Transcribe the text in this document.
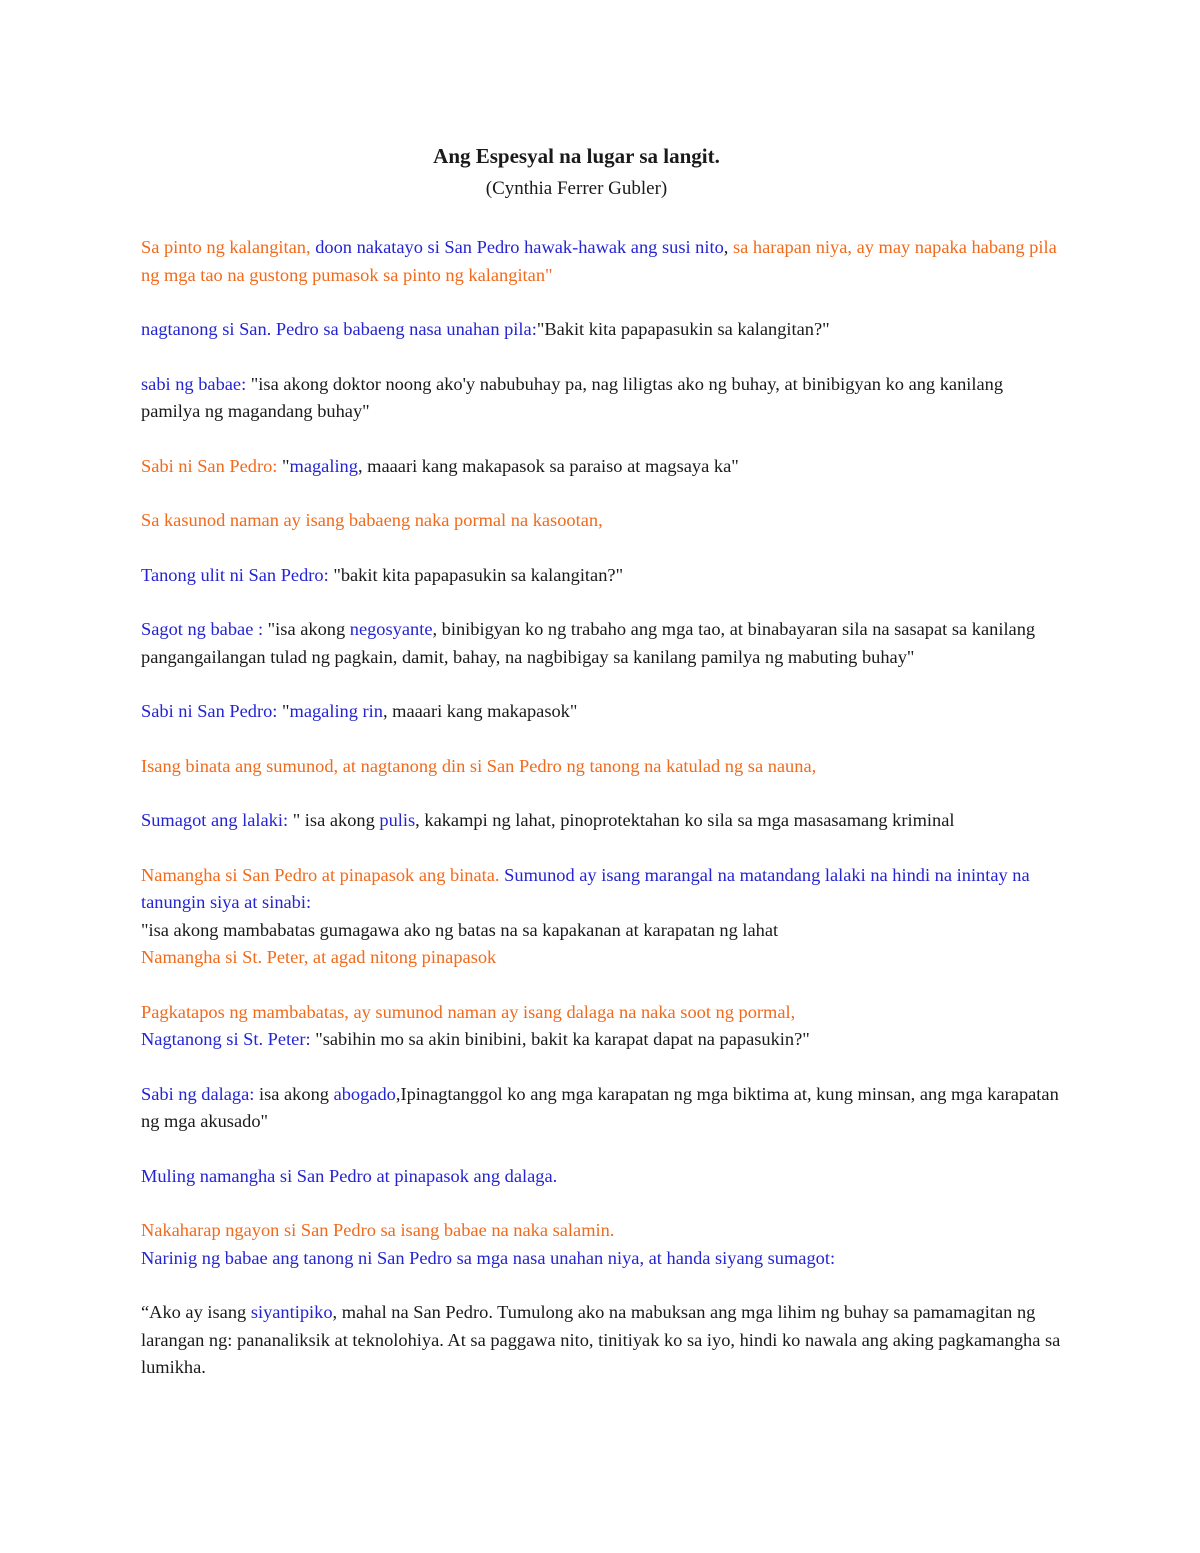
Ang Espesyal na lugar sa langit.
(Cynthia Ferrer Gubler)
Sa pinto ng kalangitan, doon nakatayo si San Pedro hawak-hawak ang susi nito, sa harapan niya, ay may napaka habang pila ng mga tao na gustong pumasok sa pinto ng kalangitan"
nagtanong si San. Pedro sa babaeng nasa unahan pila:"Bakit kita papapasukin sa kalangitan?"
sabi ng babae: "isa akong doktor noong ako'y nabubuhay pa, nag liligtas ako ng buhay, at binibigyan ko ang kanilang pamilya ng magandang buhay"
Sabi ni San Pedro: "magaling, maaari kang makapasok sa paraiso at magsaya ka"
Sa kasunod naman ay isang babaeng naka pormal na kasootan,
Tanong ulit ni San Pedro: "bakit kita papapasukin sa kalangitan?"
Sagot ng babae : "isa akong negosyante, binibigyan ko ng trabaho ang mga tao, at binabayaran sila na sasapat sa kanilang pangangailangan tulad ng pagkain, damit, bahay, na nagbibigay sa kanilang pamilya ng mabuting buhay"
Sabi ni San Pedro: "magaling rin, maaari kang makapasok"
Isang binata ang sumunod, at nagtanong din si San Pedro ng tanong na katulad ng sa nauna,
Sumagot ang lalaki: " isa akong pulis, kakampi ng lahat, pinoprotektahan ko sila sa mga masasamang kriminal
Namangha si San Pedro at pinapasok ang binata. Sumunod ay isang marangal na matandang lalaki na hindi na inintay na tanungin siya at sinabi:
"isa akong mambabatas gumagawa ako ng batas na sa kapakanan at karapatan ng lahat
Namangha si St. Peter, at agad nitong pinapasok
Pagkatapos ng mambabatas, ay sumunod naman ay isang dalaga na naka soot ng pormal,
Nagtanong si St. Peter: "sabihin mo sa akin binibini, bakit ka karapat dapat na papasukin?"
Sabi ng dalaga: isa akong abogado,Ipinagtanggol ko ang mga karapatan ng mga biktima at, kung minsan, ang mga karapatan ng mga akusado"
Muling namangha si San Pedro at pinapasok ang dalaga.
Nakaharap ngayon si San Pedro sa isang babae na naka salamin.
Narinig ng babae ang tanong ni San Pedro sa mga nasa unahan niya, at handa siyang sumagot:
“Ako ay isang siyantipiko, mahal na San Pedro. Tumulong ako na mabuksan ang mga lihim ng buhay sa pamamagitan ng larangan ng: pananaliksik at teknolohiya. At sa paggawa nito, tinitiyak ko sa iyo, hindi ko nawala ang aking pagkamangha sa lumikha.
